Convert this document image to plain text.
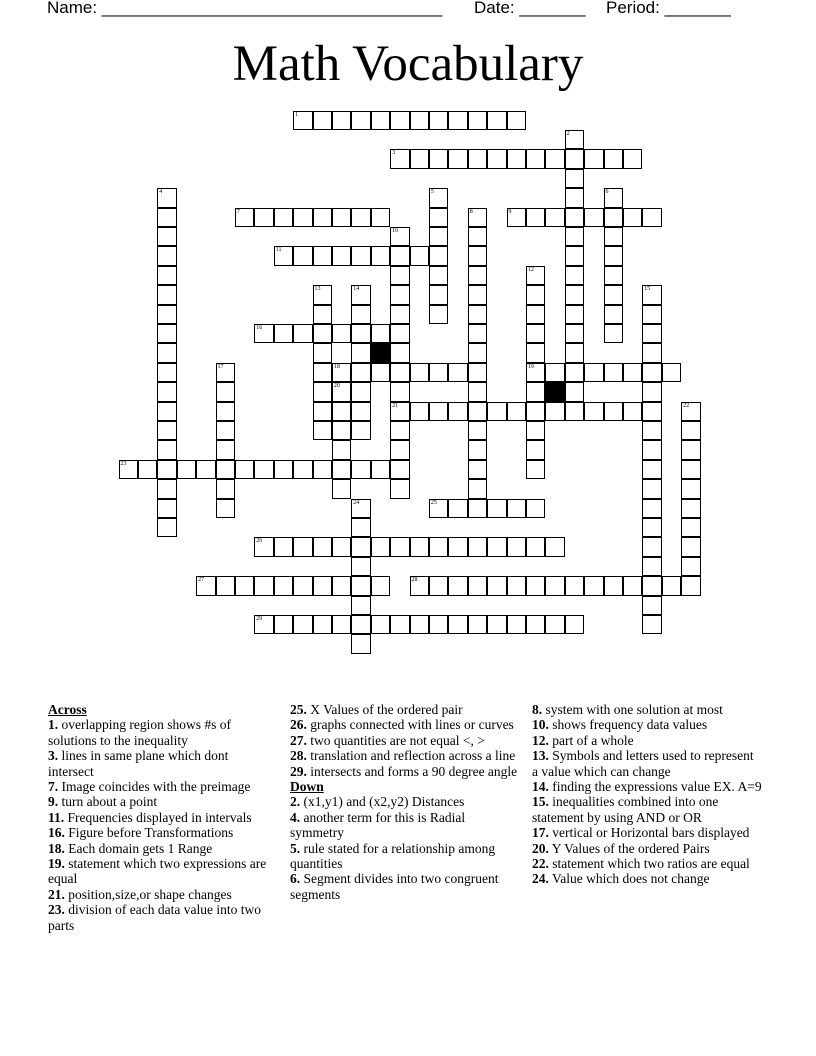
Name: ____________________________________ Date: _______ Period: _______
Math Vocabulary
1
3
7	9
11
16
18	19
21
23
25
26
27	28
29
2
4	5	6
8
10
12
13	14	15
17
20
22
24
Across
1. overlapping region shows #s of solutions to the inequality
3. lines in same plane which dont intersect
7. Image coincides with the preimage
9. turn about a point
11. Frequencies displayed in intervals
16. Figure before Transformations
18. Each domain gets 1 Range
19. statement which two expressions are equal
21. position,size,or shape changes
23. division of each data value into two parts
25. X Values of the ordered pair
26. graphs connected with lines or curves
27. two quantities are not equal <, >
28. translation and reflection across a line
29. intersects and forms a 90 degree angle
Down
2. (x1,y1) and (x2,y2) Distances
4. another term for this is Radial symmetry
5. rule stated for a relationship among quantities
6. Segment divides into two congruent segments
8. system with one solution at most
10. shows frequency data values
12. part of a whole
13. Symbols and letters used to represent a value which can change
14. finding the expressions value EX. A=9
15. inequalities combined into one statement by using AND or OR
17. vertical or Horizontal bars displayed
20. Y Values of the ordered Pairs
22. statement which two ratios are equal
24. Value which does not change
